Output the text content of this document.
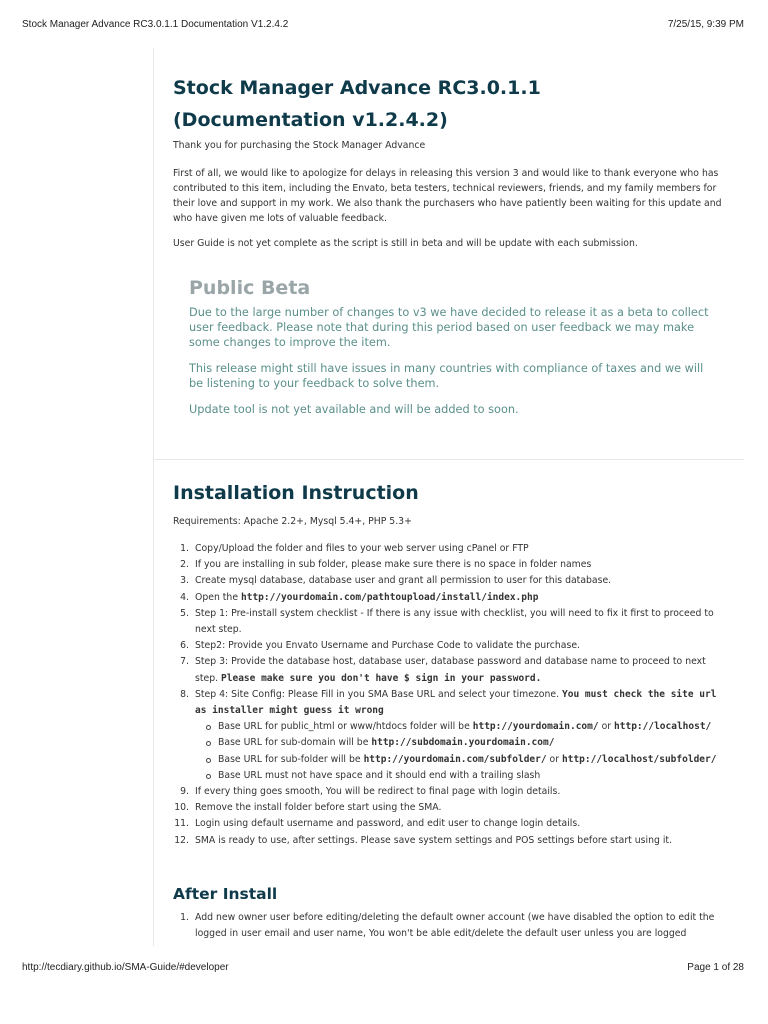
Stock Manager Advance RC3.0.1.1 Documentation V1.2.4.2	7/25/15, 9:39 PM
Stock Manager Advance RC3.0.1.1
(Documentation v1.2.4.2)
Thank you for purchasing the Stock Manager Advance
First of all, we would like to apologize for delays in releasing this version 3 and would like to thank everyone who has contributed to this item, including the Envato, beta testers, technical reviewers, friends, and my family members for their love and support in my work. We also thank the purchasers who have patiently been waiting for this update and who have given me lots of valuable feedback.
User Guide is not yet complete as the script is still in beta and will be update with each submission.
Public Beta
Due to the large number of changes to v3 we have decided to release it as a beta to collect user feedback. Please note that during this period based on user feedback we may make some changes to improve the item.
This release might still have issues in many countries with compliance of taxes and we will be listening to your feedback to solve them.
Update tool is not yet available and will be added to soon.
Installation Instruction
Requirements: Apache 2.2+, Mysql 5.4+, PHP 5.3+
1. Copy/Upload the folder and files to your web server using cPanel or FTP
2. If you are installing in sub folder, please make sure there is no space in folder names
3. Create mysql database, database user and grant all permission to user for this database.
4. Open the http://yourdomain.com/pathtoupload/install/index.php
5. Step 1: Pre-install system checklist - If there is any issue with checklist, you will need to fix it first to proceed to next step.
6. Step2: Provide you Envato Username and Purchase Code to validate the purchase.
7. Step 3: Provide the database host, database user, database password and database name to proceed to next step. Please make sure you don't have $ sign in your password.
8. Step 4: Site Config: Please Fill in you SMA Base URL and select your timezone. You must check the site url as installer might guess it wrong
Base URL for public_html or www/htdocs folder will be http://yourdomain.com/ or http://localhost/
Base URL for sub-domain will be http://subdomain.yourdomain.com/
Base URL for sub-folder will be http://yourdomain.com/subfolder/ or http://localhost/subfolder/
Base URL must not have space and it should end with a trailing slash
9. If every thing goes smooth, You will be redirect to final page with login details.
10. Remove the install folder before start using the SMA.
11. Login using default username and password, and edit user to change login details.
12. SMA is ready to use, after settings. Please save system settings and POS settings before start using it.
After Install
1. Add new owner user before editing/deleting the default owner account (we have disabled the option to edit the logged in user email and user name, You won't be able edit/delete the default user unless you are logged
http://tecdiary.github.io/SMA-Guide/#developer	Page 1 of 28
